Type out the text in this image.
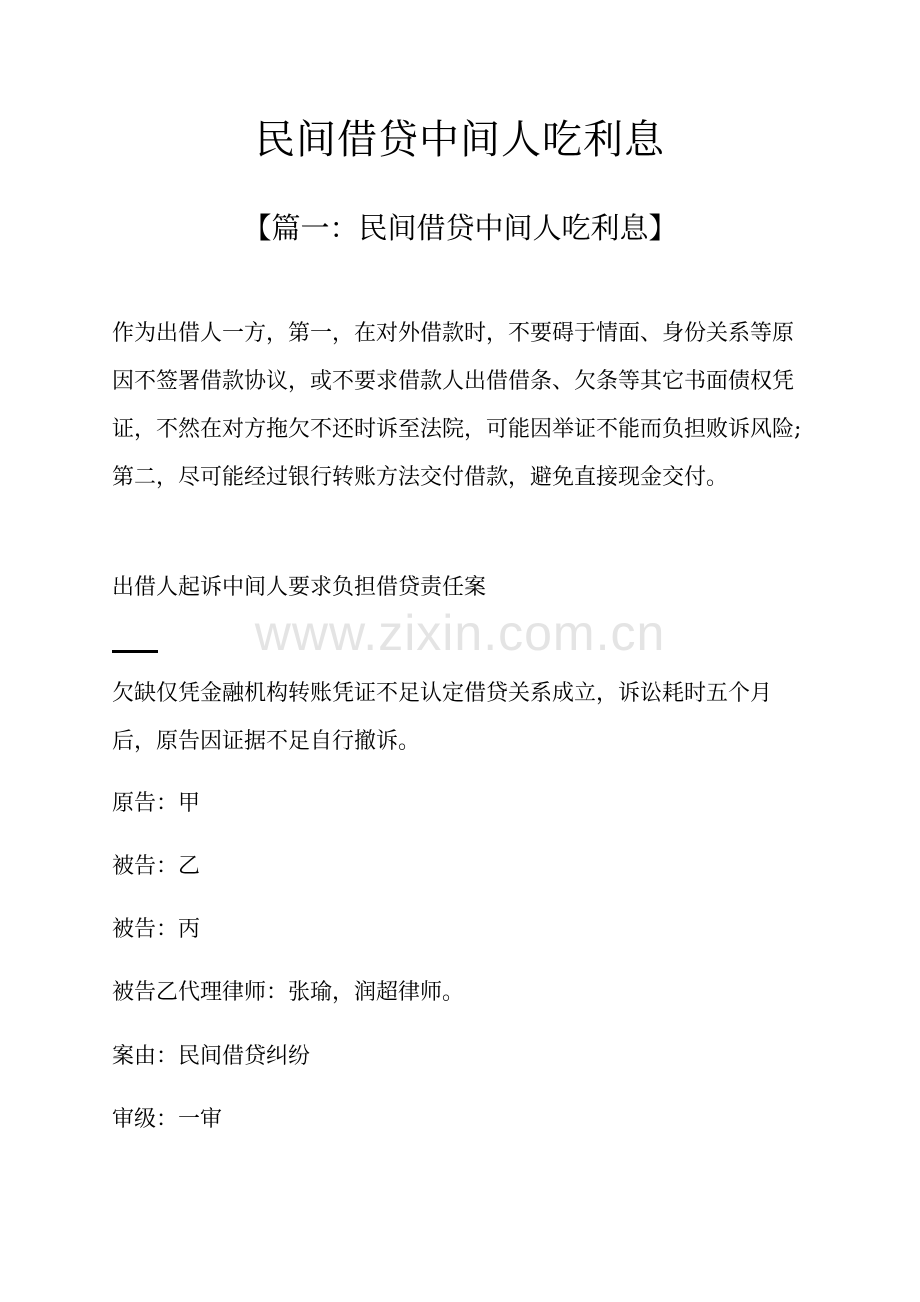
民间借贷中间人吃利息
【篇一：民间借贷中间人吃利息】

作为出借人一方，第一，在对外借款时，不要碍于情面、身份关系等原因不签署借款协议，或不要求借款人出借借条、欠条等其它书面债权凭证，不然在对方拖欠不还时诉至法院，可能因举证不能而负担败诉风险;第二，尽可能经过银行转账方法交付借款，避免直接现金交付。

出借人起诉中间人要求负担借贷责任案

www.zixin.com.cn

欠缺仅凭金融机构转账凭证不足认定借贷关系成立，诉讼耗时五个月后，原告因证据不足自行撤诉。

原告：甲

被告：乙

被告：丙

被告乙代理律师：张瑜，润超律师。

案由：民间借贷纠纷

审级：一审
